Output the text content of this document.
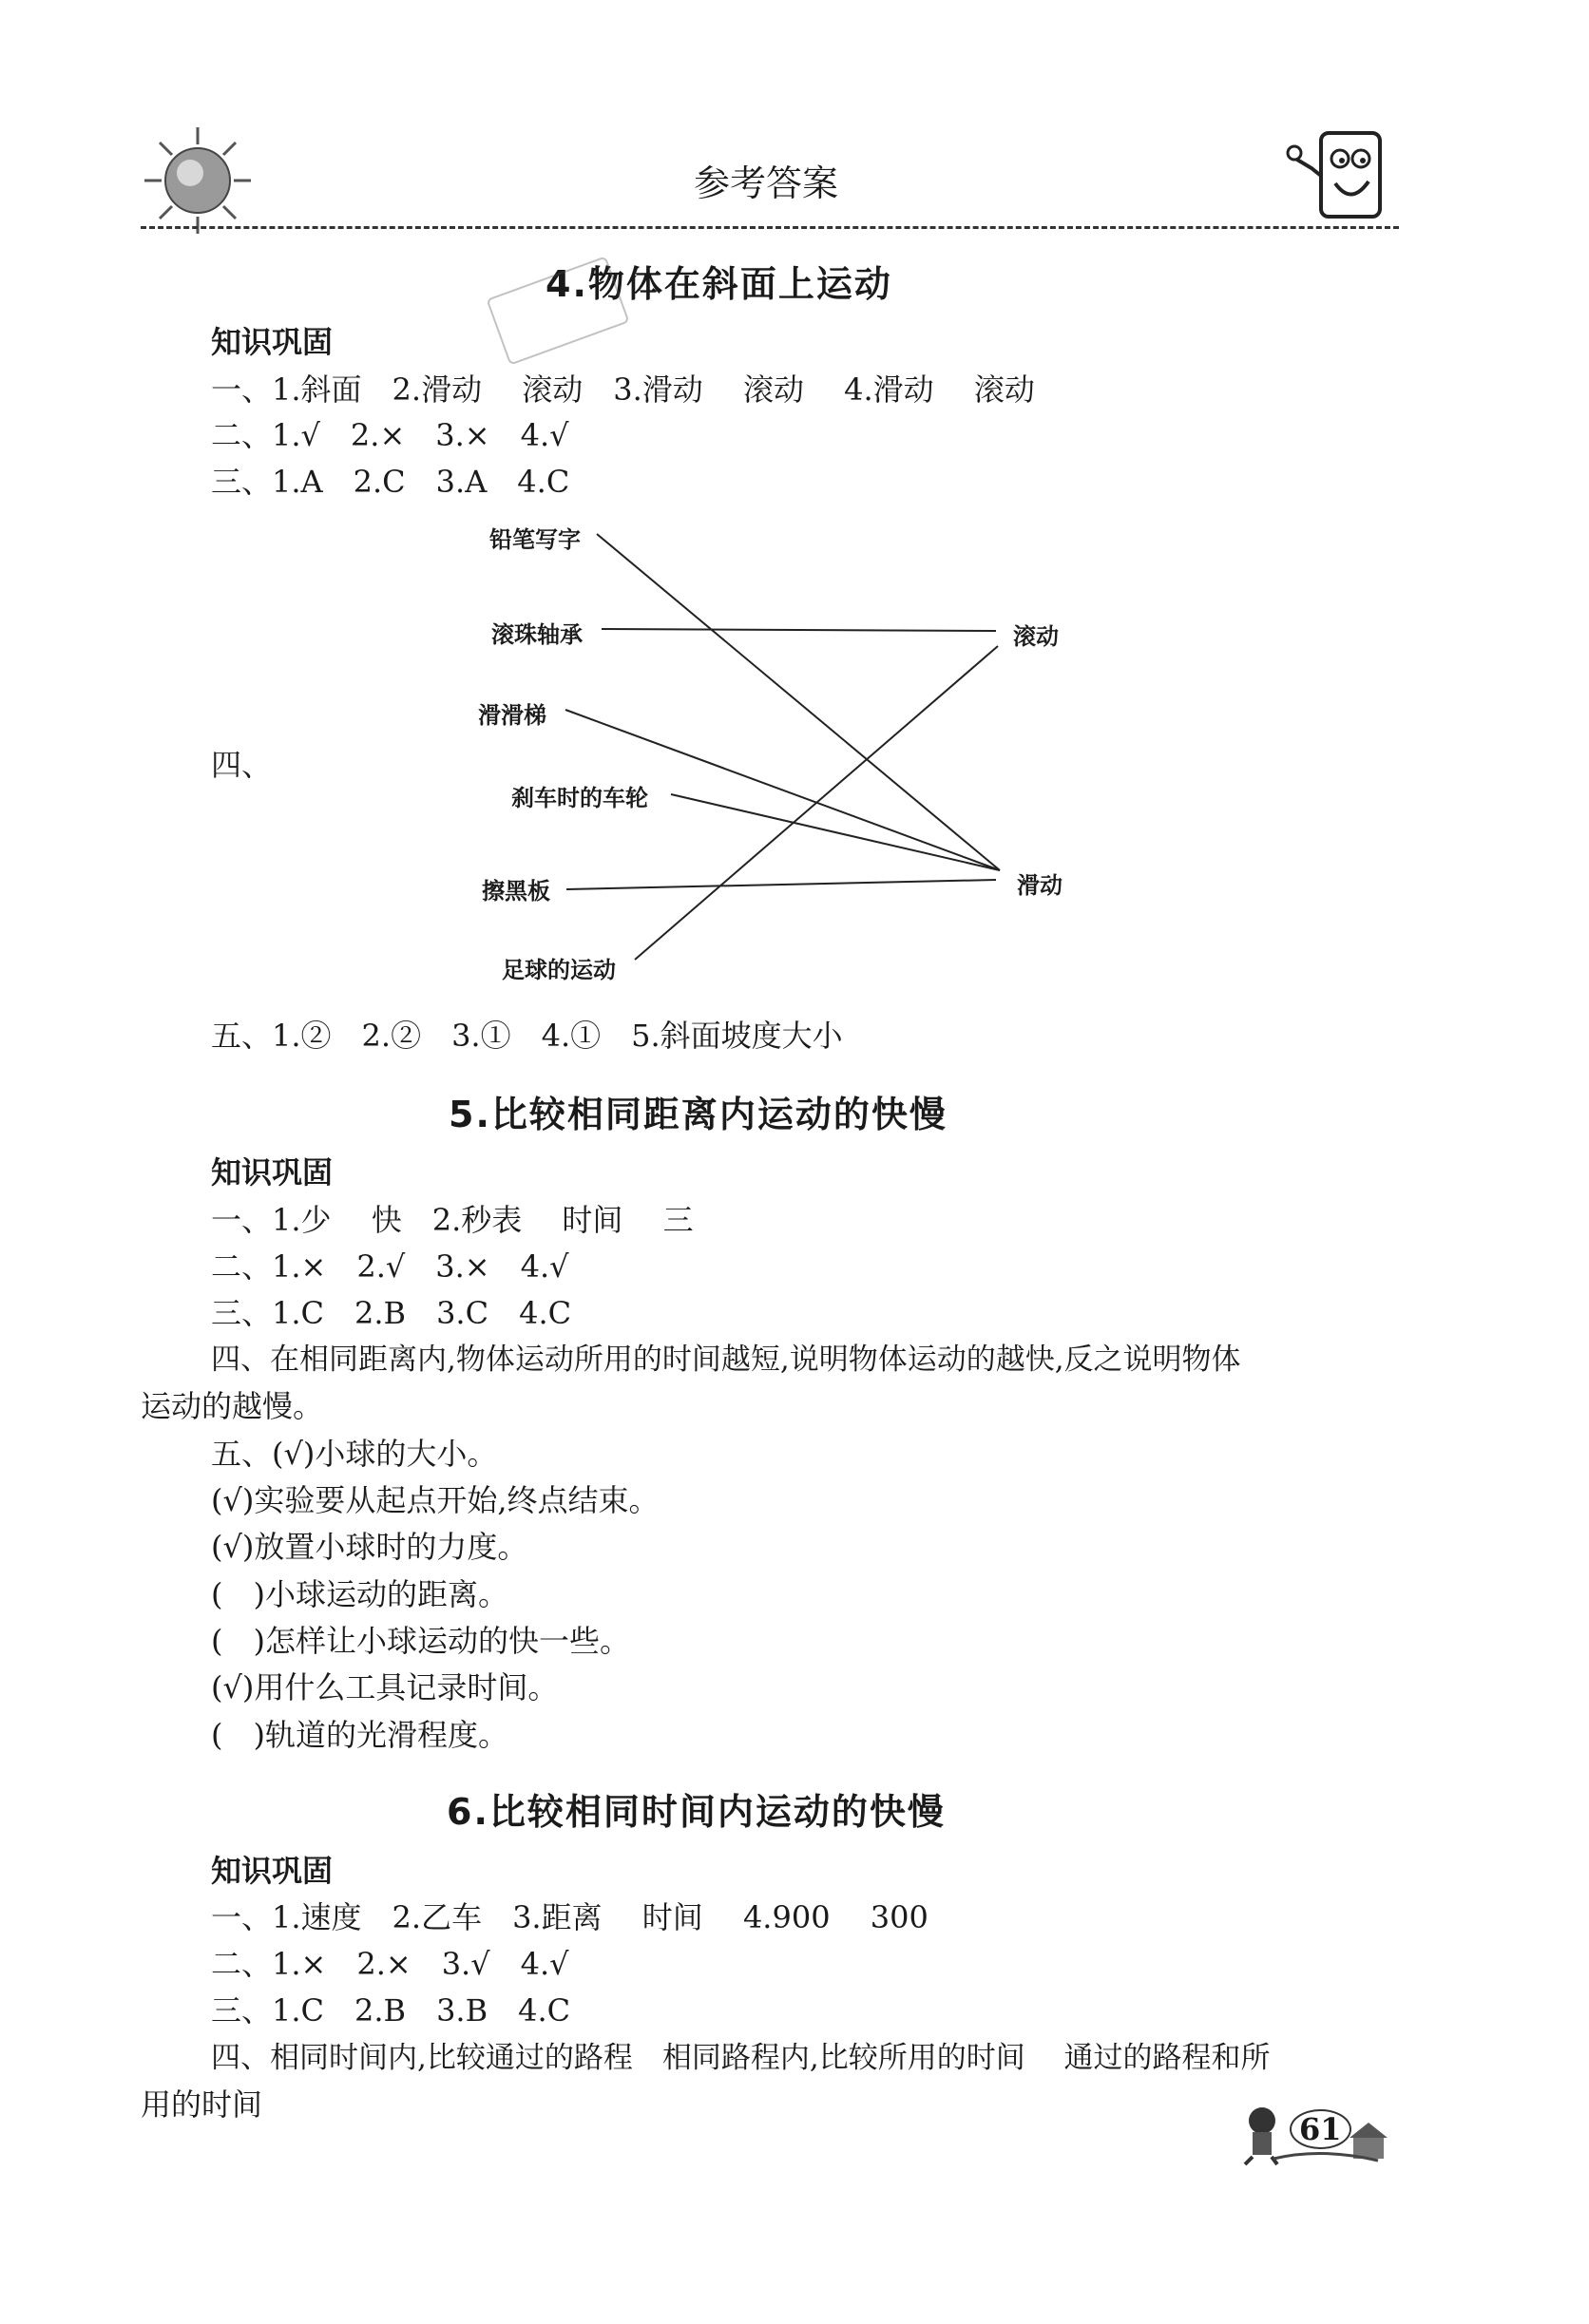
参考答案
4.物体在斜面上运动
知识巩固
一、1.斜面　2.滑动　 滚动　3.滑动　 滚动　 4.滑动　 滚动
二、1.√　2.×　3.×　4.√
三、1.A　2.C　3.A　4.C
四、
铅笔写字
滚珠轴承
滑滑梯
刹车时的车轮
擦黑板
足球的运动
滚动
滑动
五、1.②　2.②　3.①　4.①　5.斜面坡度大小
5.比较相同距离内运动的快慢
知识巩固
一、1.少　 快　2.秒表　 时间　 三
二、1.×　2.√　3.×　4.√
三、1.C　2.B　3.C　4.C
四、在相同距离内,物体运动所用的时间越短,说明物体运动的越快,反之说明物体
运动的越慢。
五、(√)小球的大小。
(√)实验要从起点开始,终点结束。
(√)放置小球时的力度。
(　)小球运动的距离。
(　)怎样让小球运动的快一些。
(√)用什么工具记录时间。
(　)轨道的光滑程度。
6.比较相同时间内运动的快慢
知识巩固
一、1.速度　2.乙车　3.距离　 时间　 4.900　 300
二、1.×　2.×　3.√　4.√
三、1.C　2.B　3.B　4.C
四、相同时间内,比较通过的路程　相同路程内,比较所用的时间　 通过的路程和所
用的时间
61
